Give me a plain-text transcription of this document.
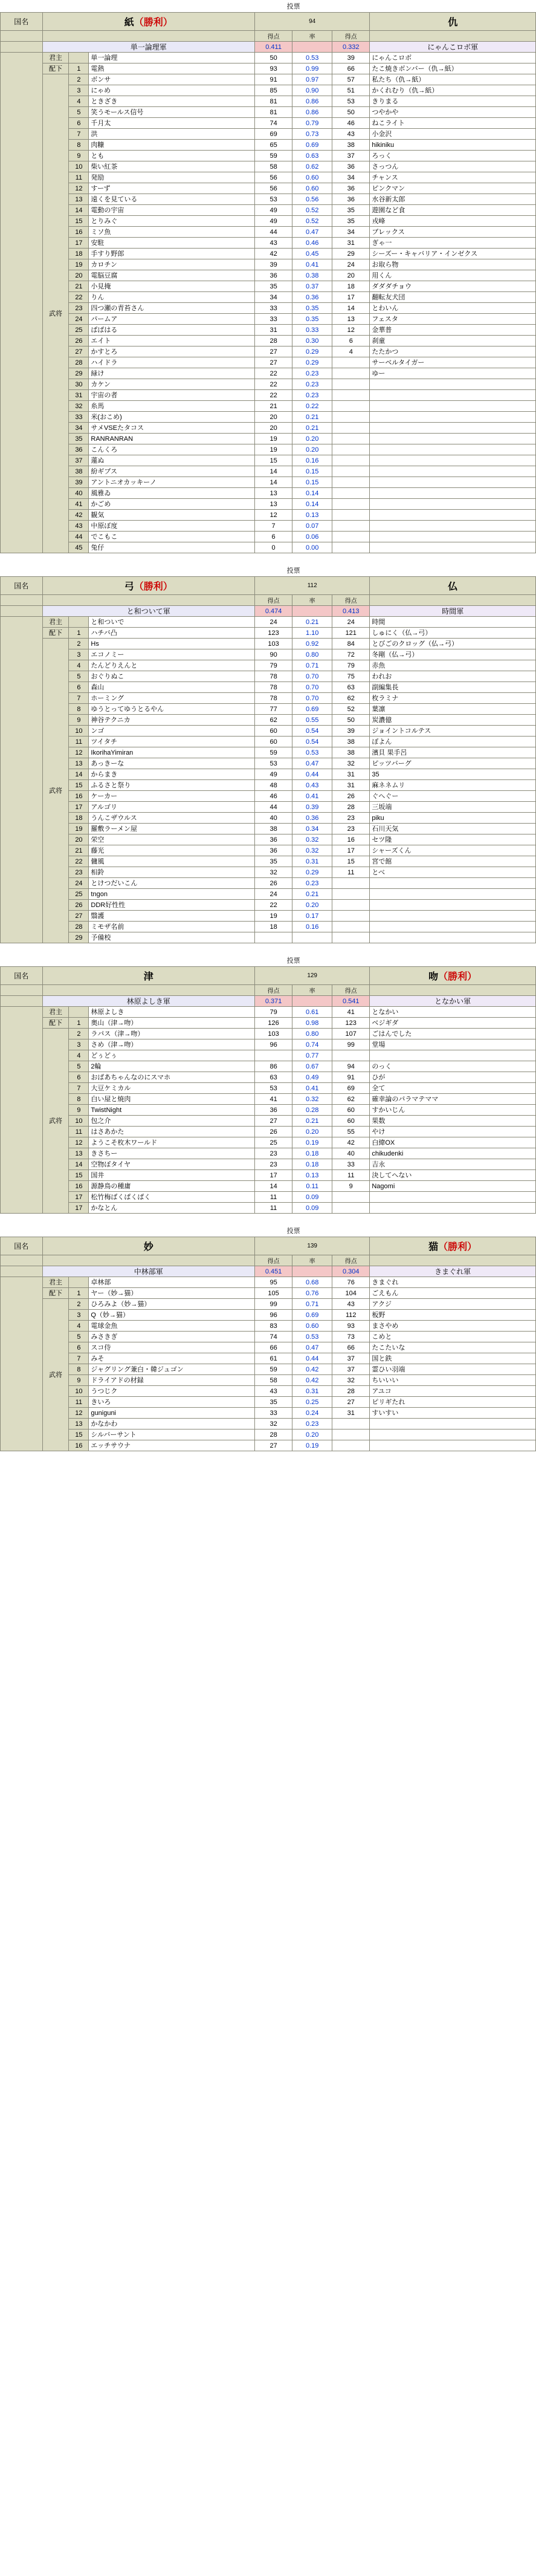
	投票	
国名	紙（勝利）			94			仇
				得点	率	得点	
	単一論理軍			0.411		0.332	にゃんこロボ軍
	君主		単一論理	50	0.53	39	にゃんこロボ
	配下	1	電熱	93	0.99	66	たこ焼きボンバー（仇→紙）
	武将	2	ボンサ	91	0.97	57	私たち（仇→紙）
		3	にゃめ	85	0.90	51	かくれむり（仇→紙）
		4	ときざき	81	0.86	53	きりまる
		5	笑うモールス信号	81	0.86	50	つやかや
		6	千月太	74	0.79	46	ねこライト
		7	洪	69	0.73	43	小金沢
		8	肉糠	65	0.69	38	hikiniku
		9	とも	59	0.63	37	ろっく
		10	柴い紅茶	58	0.62	36	さっつん
		11	発励	56	0.60	34	チャンス
		12	すーず	56	0.60	36	ピンクマン
		13	遠くを見ている	53	0.56	36	水谷新太郎
		14	電動の宇宙	49	0.52	35	遊園など食
		15	とりみぐ	49	0.52	35	戎峰
		16	ミソ魚	44	0.47	34	ブレックス
		17	安駐	43	0.46	31	ぎゃ一
		18	手すり野郎	42	0.45	29	シーズー・キャバリア・インゼクス
		19	カロチン	39	0.41	24	お取ら物
		20	電脳豆腐	36	0.38	20	用くん
		21	小見掩	35	0.37	18	ダダダチョウ
		22	りん	34	0.36	17	翻転友犬団
		23	四つ瀬の青苔さん	33	0.35	14	とわいん
		24	パームア	33	0.35	13	フェスタ
		25	ぱぱはる	31	0.33	12	金華普
		26	エイト	28	0.30	6	刹童
		27	かすとろ	27	0.29	4	たたかつ
		28	ハイドラ	27	0.29		サーベルタイガー
		29	緑け	22	0.23		ゆー
		30	カケン	22	0.23		
		31	宇宙の者	22	0.23		
		32	糸馬	21	0.22		
		33	米(おこめ)	20	0.21		
		34	サメVSEたタコス	20	0.21		
		35	RANRANRAN	19	0.20		
		36	こんくろ	19	0.20		
		37	蓮ぬ	15	0.16		
		38	紛ギプス	14	0.15		
		39	アントニオカッキーノ	14	0.15		
		40	風雅ゐ	13	0.14		
		41	かごめ	13	0.14		
		42	観気	12	0.13		
		43	中原ぼ度	7	0.07		
		44	でこもこ	6	0.06		
		45	兔仔	0	0.00		
	投票	
国名	弓（勝利）			112			仏
				得点	率	得点	
	と和ついて軍			0.474		0.413	時間軍
	君主		と和ついで	24	0.21	24	時間
	配下	1	ハチバ凸	123	1.10	121	しゅにく（仏→弓）
	武将	2	Hs	103	0.92	84	とびごのクロッグ（仏→弓）
		3	エコノミー	90	0.80	72	冬剛（仏→弓）
		4	たんどりえんと	79	0.71	79	赤魚
		5	おぐりぬこ	78	0.70	75	われお
		6	森山	78	0.70	63	副編集長
		7	ホーミング	78	0.70	62	枚ラミナ
		8	ゆうとってゆうとるやん	77	0.69	52	葉凛
		9	神谷テクニカ	62	0.55	50	炭濃億
		10	ンゴ	60	0.54	39	ジョイントコルテス
		11	ツイタチ	60	0.54	38	ぼよん
		12	IkorihaYimiran	59	0.53	38	濱貝 果手呂
		13	あっきーな	53	0.47	32	ピッツバーグ
		14	からまき	49	0.44	31	35
		15	ふるさと祭り	48	0.43	31	麻ネネムリ
		16	ケーカー	46	0.41	26	ぐへぐー
		17	アルゴリ	44	0.39	28	三坂端
		18	うんこザウルス	40	0.36	23	piku
		19	羅敷ラーメン屋	38	0.34	23	石川天気
		20	栄空	36	0.32	16	セツ隆
		21	藤光	36	0.32	17	シャーズくん
		22	傭風	35	0.31	15	宮で館
		23	相鈴	32	0.29	11	とべ
		24	とけつだいこん	26	0.23		
		25	tngon	24	0.21		
		26	DDR好性性	22	0.20		
		27	翳護	19	0.17		
		28	ミモザ名前	18	0.16		
		29	予備校				
	投票	
国名	津			129			吻（勝利）
				得点	率	得点	
	林原よしき軍			0.371		0.541	となかい軍
	君主		林原よしき	79	0.61	41	となかい
	配下	1	奥山（津→吻）	126	0.98	123	ベジギダ
	武将	2	ラパス（津→吻）	103	0.80	107	ごはんでした
		3	さめ（津→吻）	96	0.74	99	堂場
		4	どぅどぅ		0.77		
		5	2輪	86	0.67	94	のっく
		6	おぱあちゃんなのにスマホ	63	0.49	91	ひが
		7	大豆ケミカル	53	0.41	69	全て
		8	白い屋と焼肉	41	0.32	62	確幸論のパラマテママ
		9	TwistNight	36	0.28	60	すかいじん
		10	包之介	27	0.21	60	果数
		11	はさあかた	26	0.20	55	やけ
		12	ようこそ枚木ワールド	25	0.19	42	白緯OX
		13	きさちー	23	0.18	40	chikudenki
		14	空物ぽタイヤ	23	0.18	33	吉永
		15	国井	17	0.13	11	決してへない
		16	源静鳥の種庸	14	0.11	9	Nagomi
		17	松竹梅ばくぱくぱく	11	0.09		
		17	かなとん	11	0.09		
	投票	
国名	妙			139			猫（勝利）
				得点	率	得点	
	中林部軍			0.451		0.304	きまぐれ軍
	君主		卓林部	95	0.68	76	きまぐれ
	配下	1	ヤー（妙→猫）	105	0.76	104	ごえもん
	武将	2	ひろみよ（妙→猫）	99	0.71	43	アクジ
		3	Q（妙→猫）	96	0.69	112	板野
		4	電球金魚	83	0.60	93	まさやめ
		5	みさきぎ	74	0.53	73	こめと
		6	スコ侍	66	0.47	66	たこたいな
		7	みそ	61	0.44	37	国と鉄
		8	ジャグリング兼白・韓ジュゴン	59	0.42	37	霊ひい羽端
		9	ドライアドの材録	58	0.42	32	ちいいい
		10	うつじク	43	0.31	28	アユコ
		11	きいろ	35	0.25	27	ピリギたれ
		12	guniguni	33	0.24	31	すいすい
		13	かなかわ	32	0.23		
		15	シルバーサント	28	0.20		
		16	エッチサウナ	27	0.19		
